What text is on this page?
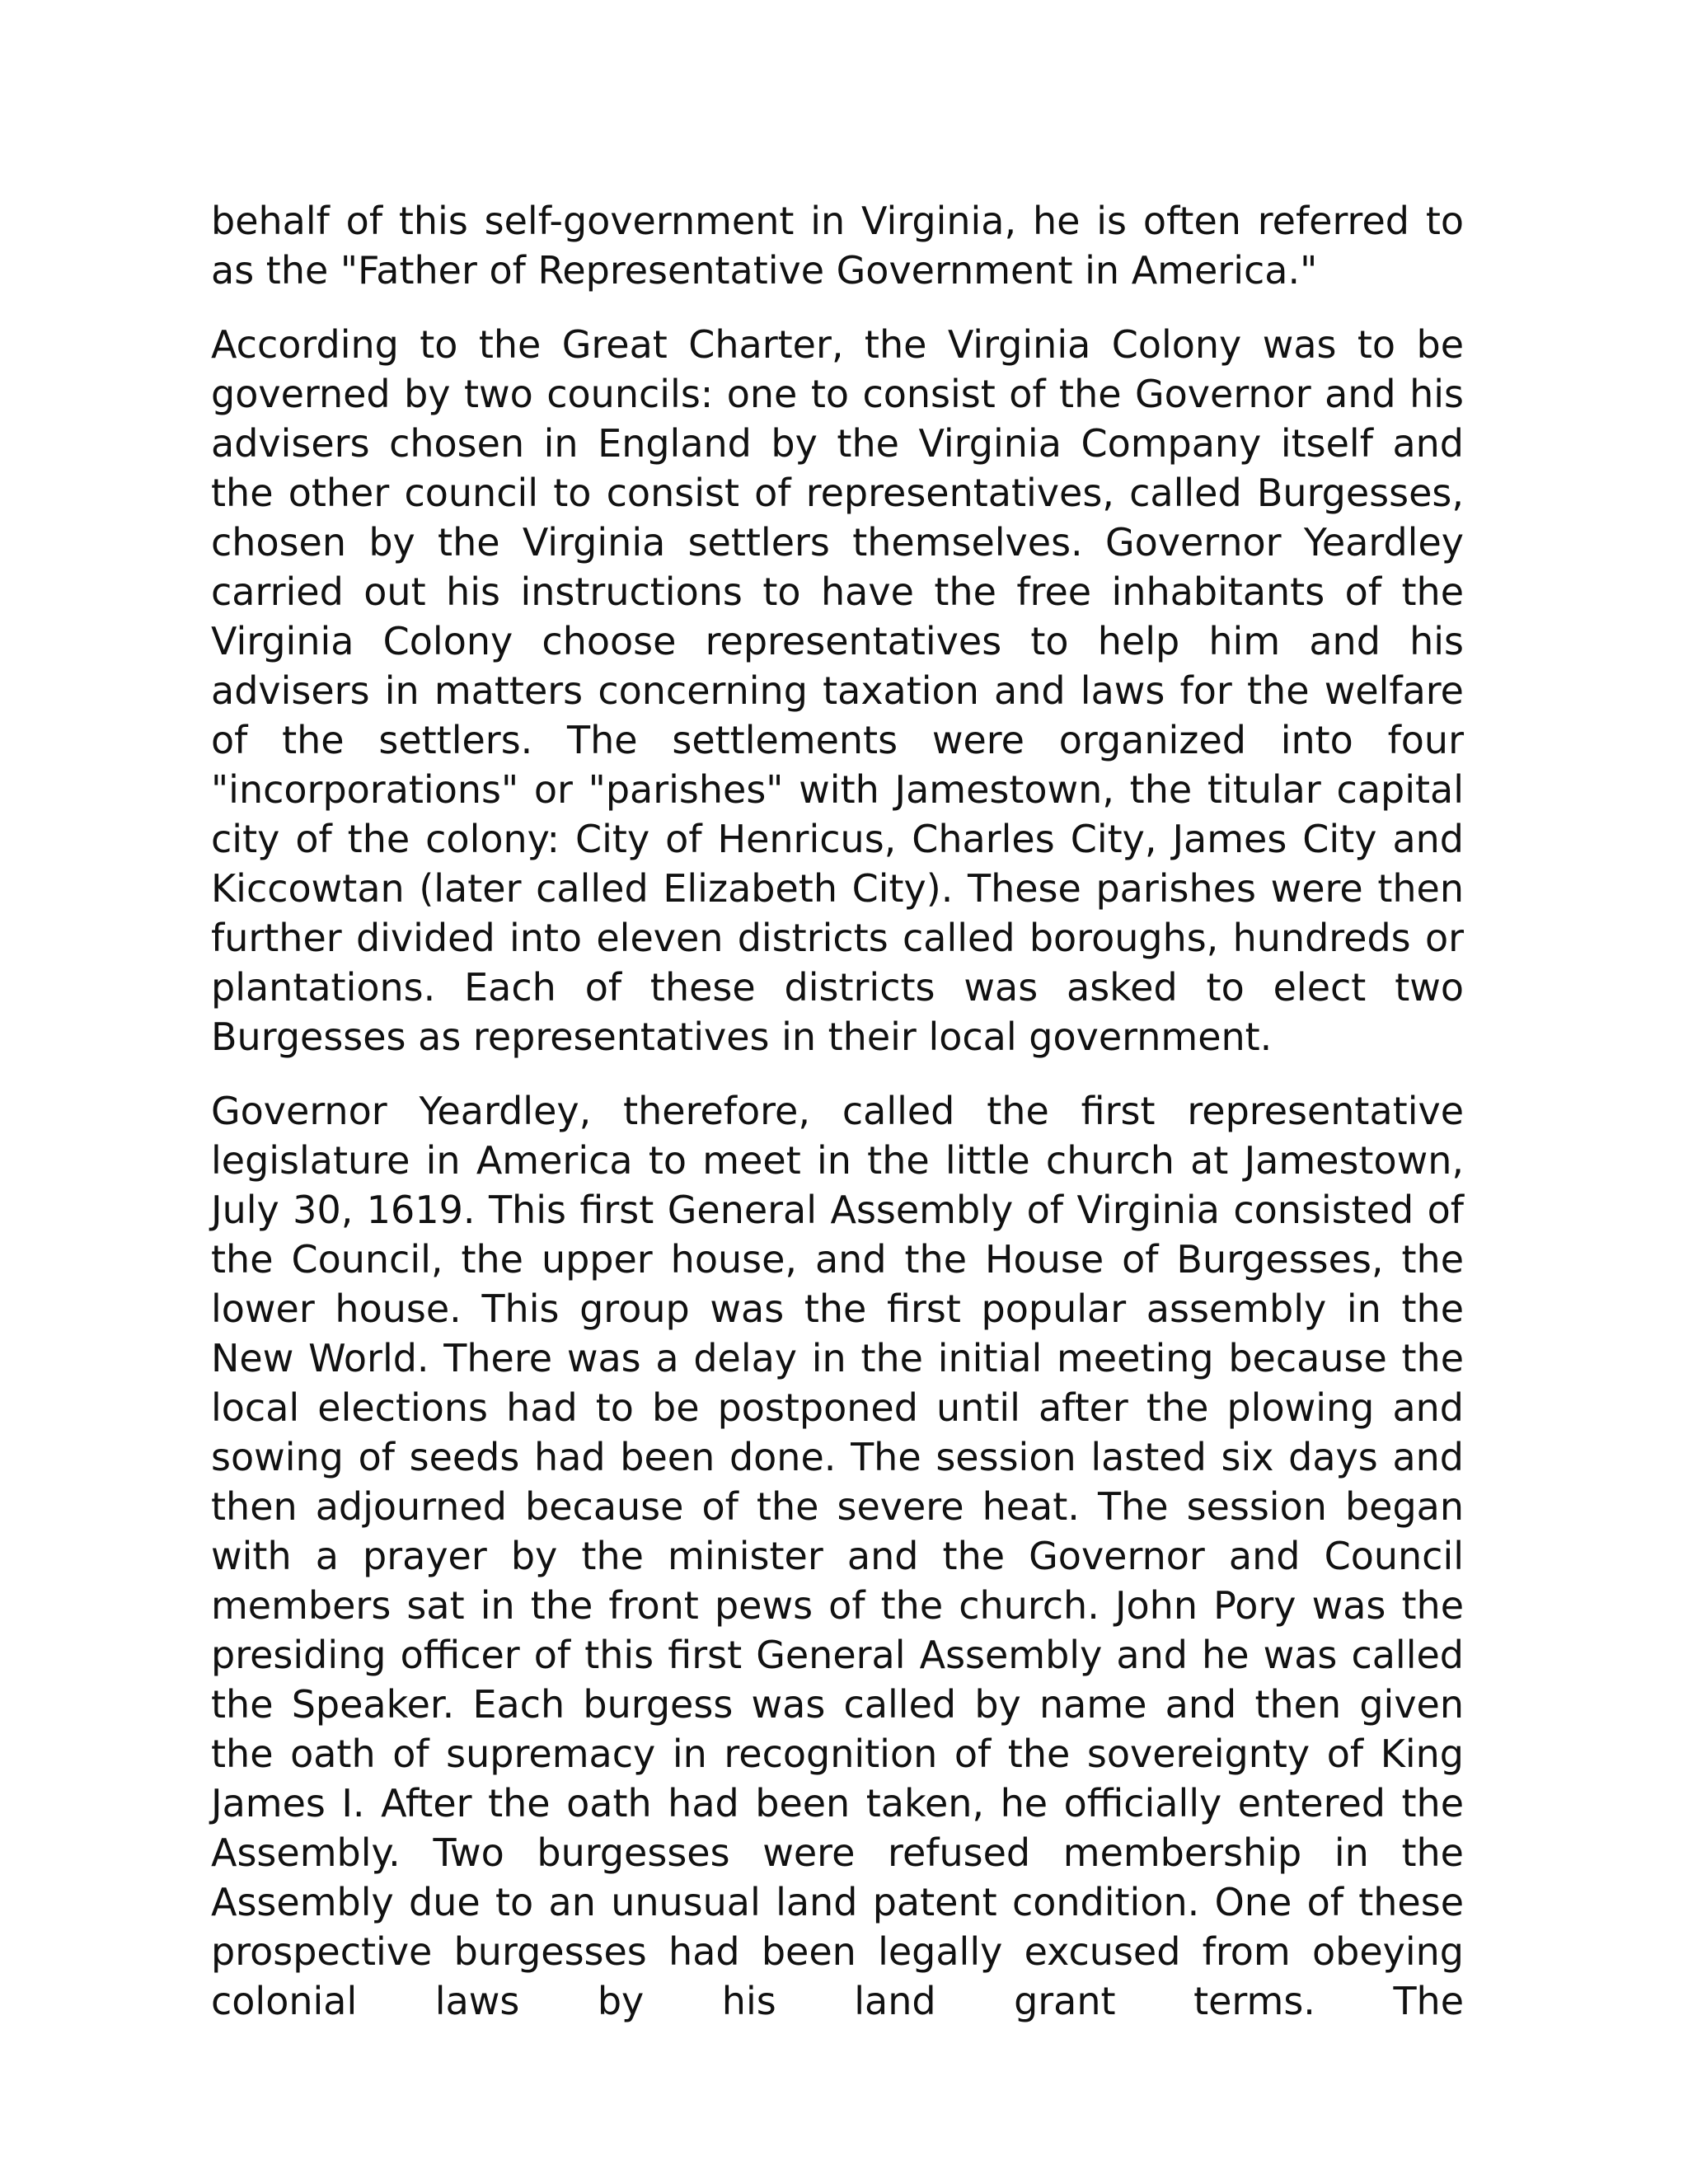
behalf of this self-government in Virginia, he is often referred to as the "Father of Representative Government in America."

According to the Great Charter, the Virginia Colony was to be governed by two councils: one to consist of the Governor and his advisers chosen in England by the Virginia Company itself and the other council to consist of representatives, called Burgesses, chosen by the Virginia settlers themselves. Governor Yeardley carried out his instructions to have the free inhabitants of the Virginia Colony choose representatives to help him and his advisers in matters concerning taxation and laws for the welfare of the settlers. The settlements were organized into four "incorporations" or "parishes" with Jamestown, the titular capital city of the colony: City of Henricus, Charles City, James City and Kiccowtan (later called Elizabeth City). These parishes were then further divided into eleven districts called boroughs, hundreds or plantations. Each of these districts was asked to elect two Burgesses as representatives in their local government.

Governor Yeardley, therefore, called the first representative legislature in America to meet in the little church at Jamestown, July 30, 1619. This first General Assembly of Virginia consisted of the Council, the upper house, and the House of Burgesses, the lower house. This group was the first popular assembly in the New World. There was a delay in the initial meeting because the local elections had to be postponed until after the plowing and sowing of seeds had been done. The session lasted six days and then adjourned because of the severe heat. The session began with a prayer by the minister and the Governor and Council members sat in the front pews of the church. John Pory was the presiding officer of this first General Assembly and he was called the Speaker. Each burgess was called by name and then given the oath of supremacy in recognition of the sovereignty of King James I. After the oath had been taken, he officially entered the Assembly. Two burgesses were refused membership in the Assembly due to an unusual land patent condition. One of these prospective burgesses had been legally excused from obeying colonial laws by his land grant terms. The
